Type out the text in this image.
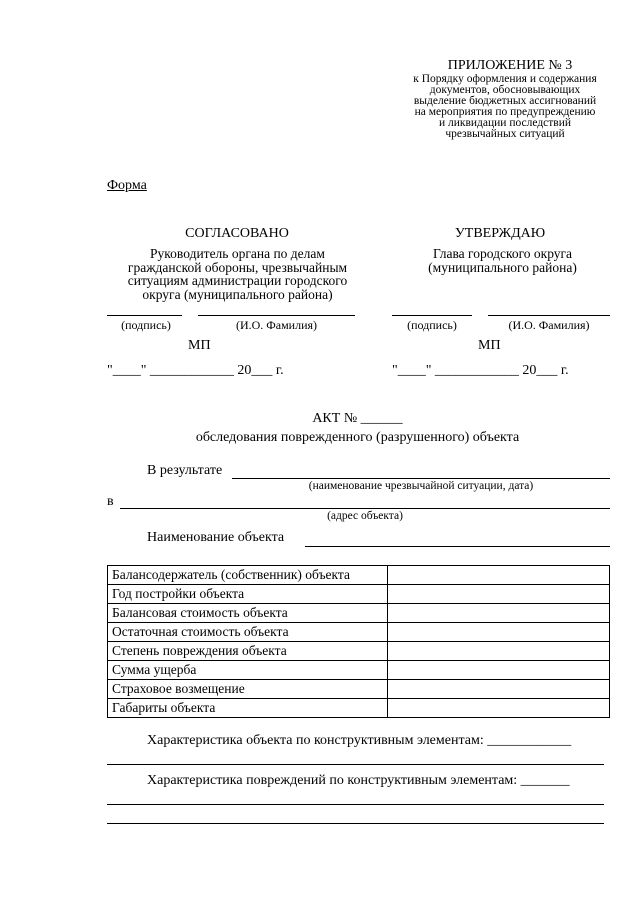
ПРИЛОЖЕНИЕ № 3
к Порядку оформления и содержания
документов, обосновывающих
выделение бюджетных ассигнований
на мероприятия по предупреждению
и ликвидации последствий
чрезвычайных ситуаций
Форма
СОГЛАСОВАНО
Руководитель органа по делам
гражданской обороны, чрезвычайным
ситуациям администрации городского
округа (муниципального района)
(подпись)	(И.О. Фамилия)
МП
"____" ____________ 20___ г.
УТВЕРЖДАЮ
Глава городского округа
(муниципального района)
(подпись)	(И.О. Фамилия)
МП
"____" ____________ 20___ г.
АКТ № ______
обследования поврежденного (разрушенного) объекта
В результате
(наименование чрезвычайной ситуации, дата)
в
(адрес объекта)
Наименование объекта
Балансодержатель (собственник) объекта	
Год постройки объекта	
Балансовая стоимость объекта	
Остаточная стоимость объекта	
Степень повреждения объекта	
Сумма ущерба	
Страховое возмещение	
Габариты объекта	
Характеристика объекта по конструктивным элементам: ____________
Характеристика повреждений по конструктивным элементам: _______
